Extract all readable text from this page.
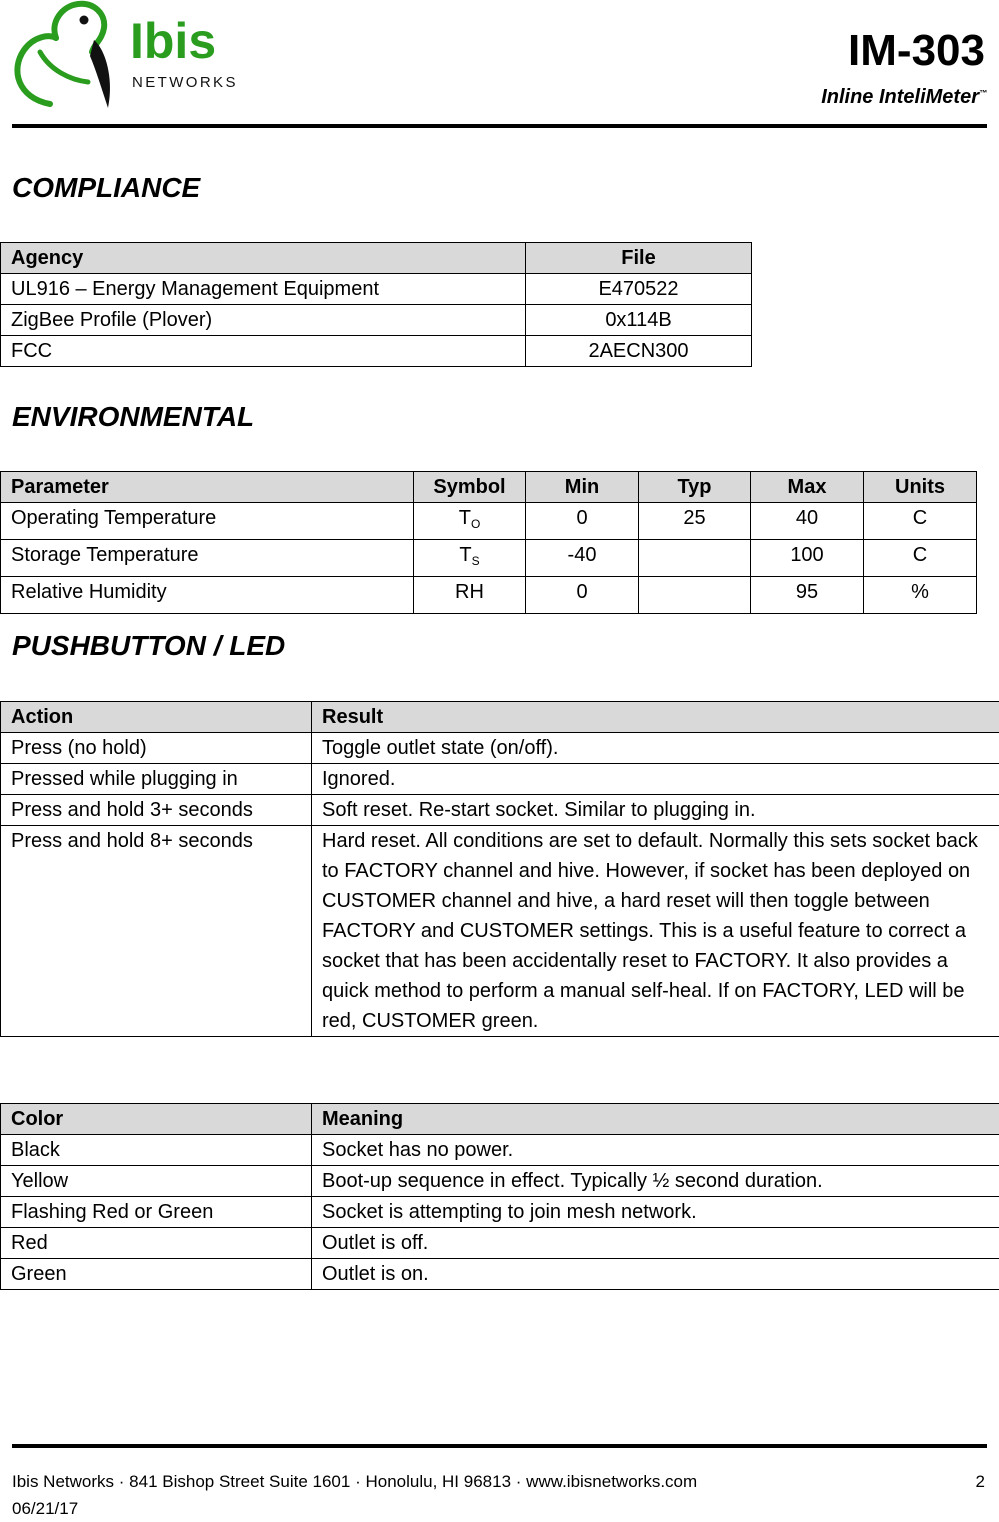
Ibis
NETWORKS
IM-303
Inline InteliMeter™
COMPLIANCE
Agency	File
UL916 – Energy Management Equipment	E470522
ZigBee Profile (Plover)	0x114B
FCC	2AECN300
ENVIRONMENTAL
Parameter	Symbol	Min	Typ	Max	Units
Operating Temperature	$T_O$	0	25	40	C
Storage Temperature	$T_S$	-40		100	C
Relative Humidity	RH	0		95	%
PUSHBUTTON / LED
Action	Result
Press (no hold)	Toggle outlet state (on/off).
Pressed while plugging in	Ignored.
Press and hold 3+ seconds	Soft reset. Re-start socket. Similar to plugging in.
Press and hold 8+ seconds	Hard reset. All conditions are set to default. Normally this sets socket back to FACTORY channel and hive. However, if socket has been deployed on CUSTOMER channel and hive, a hard reset will then toggle between FACTORY and CUSTOMER settings. This is a useful feature to correct a socket that has been accidentally reset to FACTORY. It also provides a quick method to perform a manual self-heal. If on FACTORY, LED will be red, CUSTOMER green.
Color	Meaning
Black	Socket has no power.
Yellow	Boot-up sequence in effect. Typically ½ second duration.
Flashing Red or Green	Socket is attempting to join mesh network.
Red	Outlet is off.
Green	Outlet is on.
Ibis Networks · 841 Bishop Street Suite 1601 · Honolulu, HI 96813 · www.ibisnetworks.com
06/21/17
2
